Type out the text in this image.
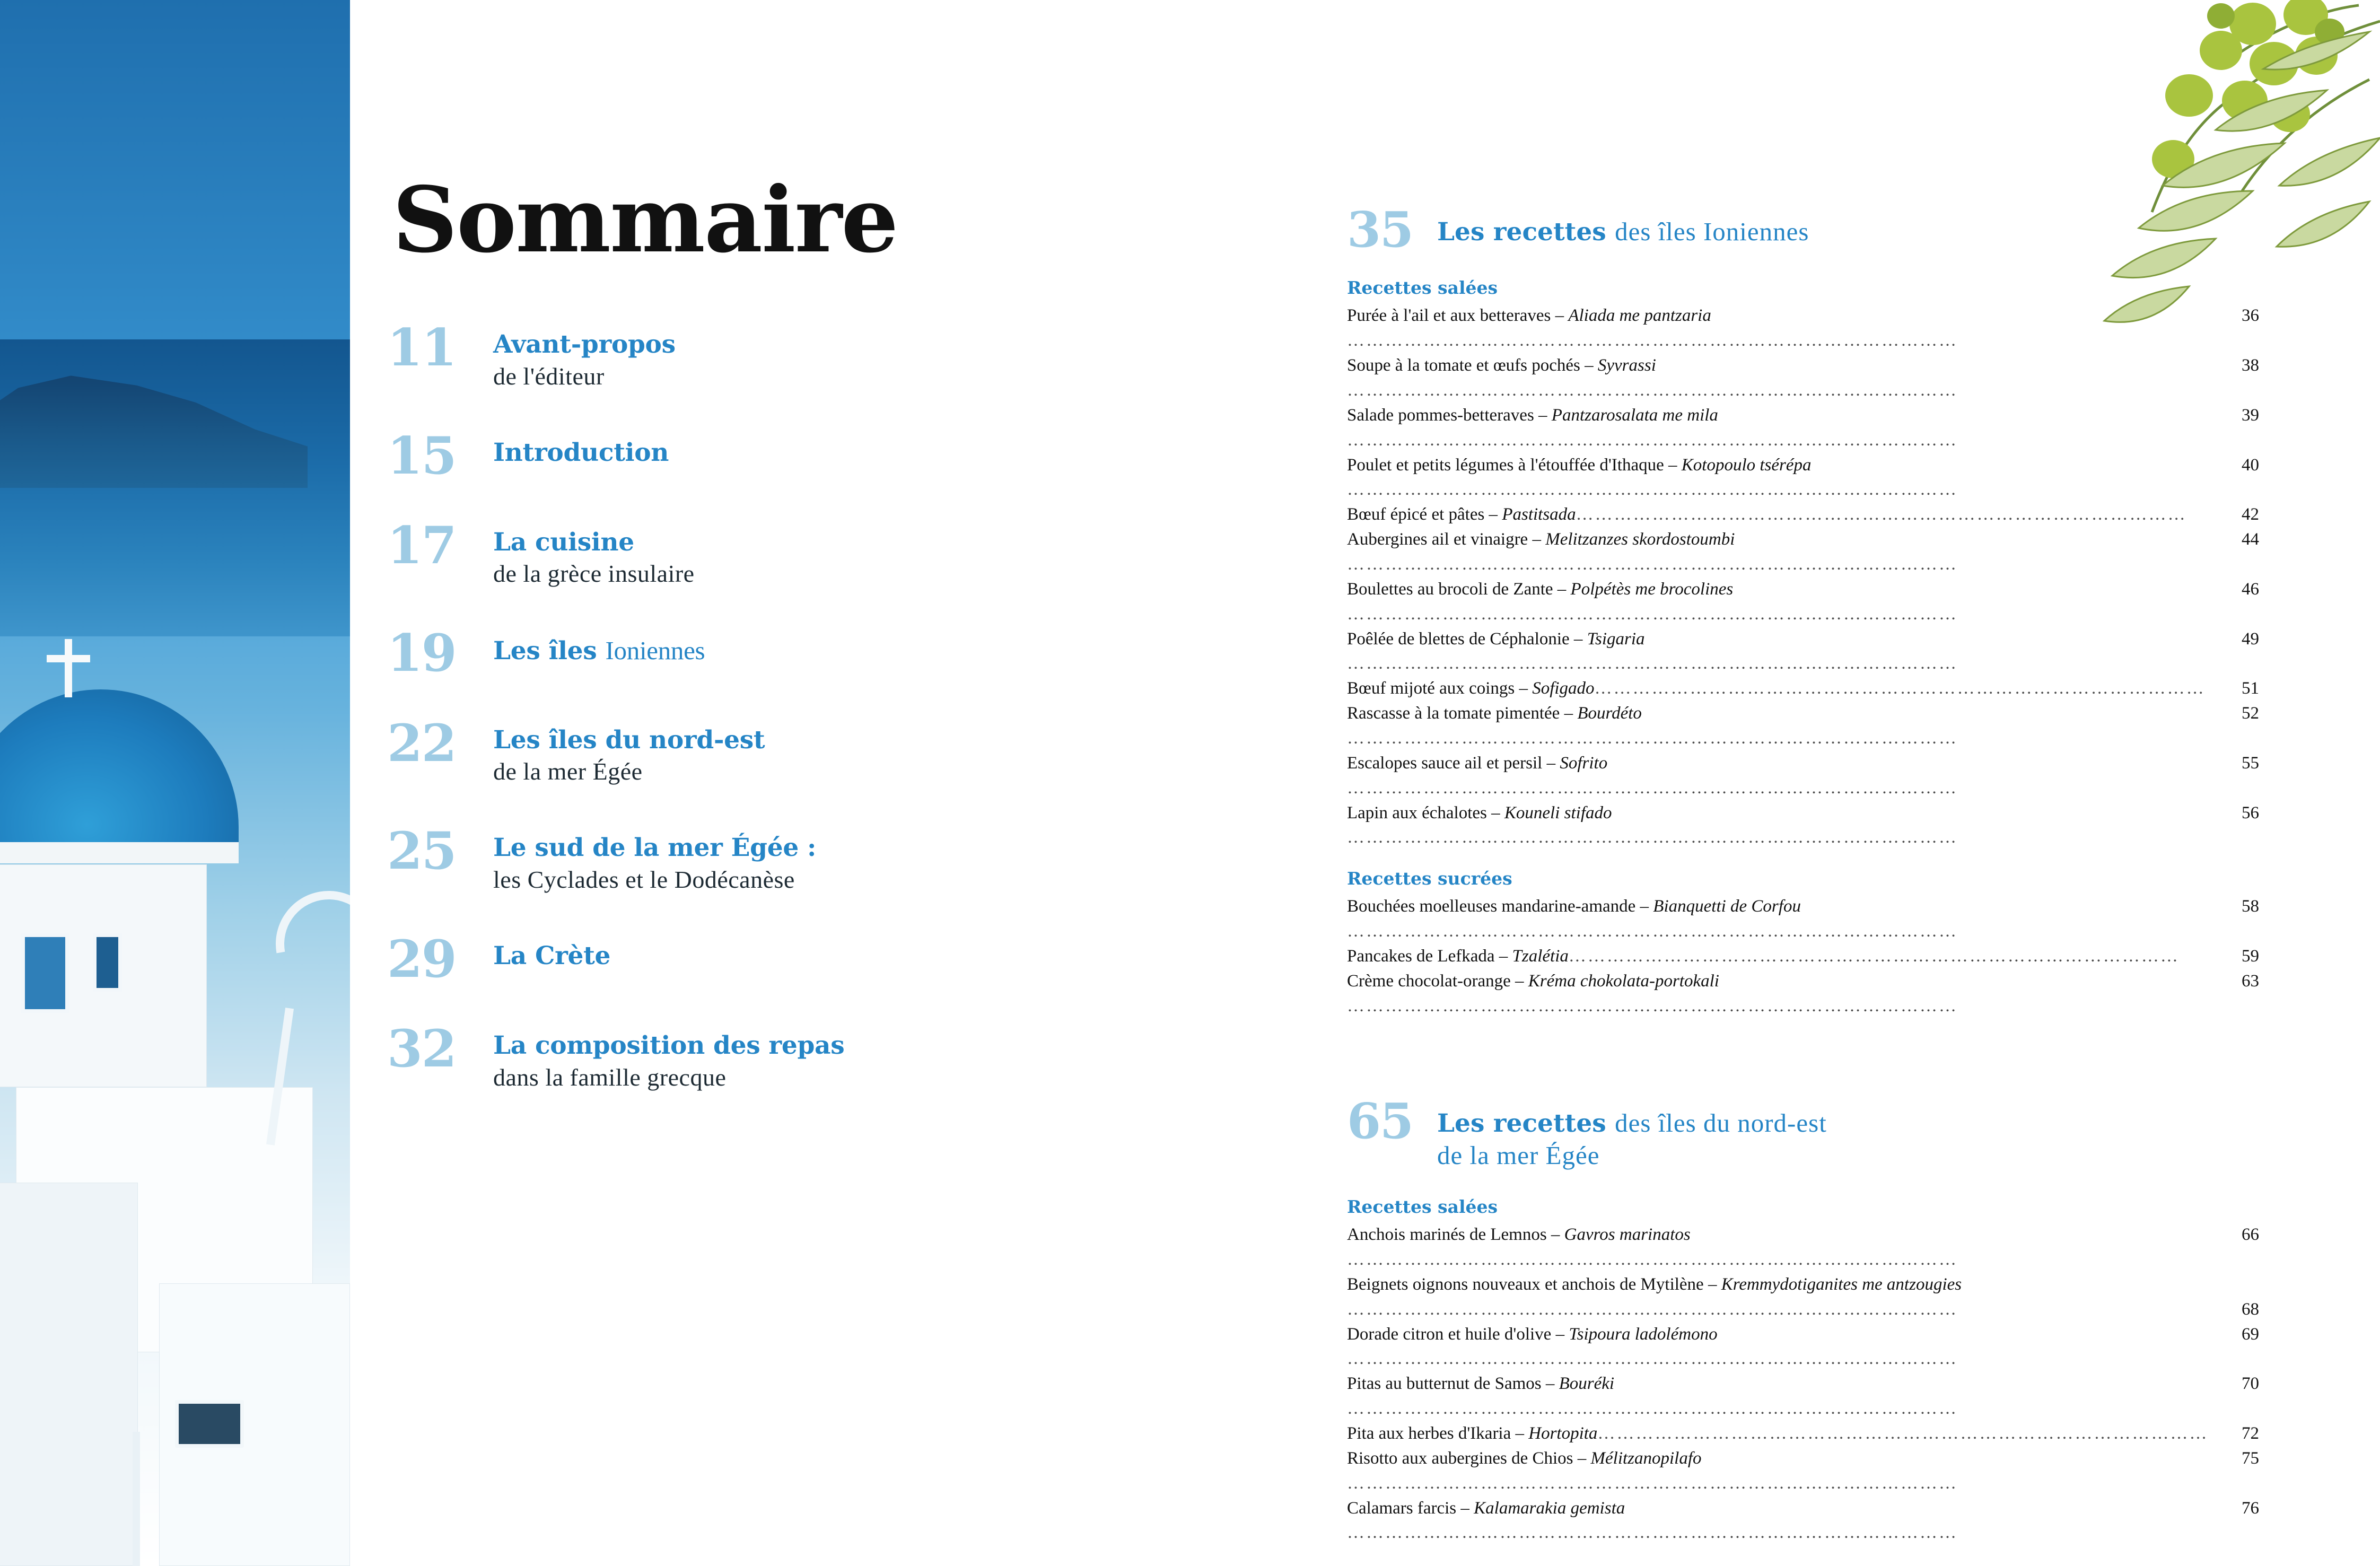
Sommaire
11	Avant-propos
de l'éditeur
15	Introduction
17	La cuisine
de la grèce insulaire
19	Les îles Ioniennes
22	Les îles du nord-est
de la mer Égée
25	Le sud de la mer Égée :
les Cyclades et le Dodécanèse
29	La Crète
32	La composition des repas
dans la famille grecque
35 Les recettes des îles Ioniennes
Recettes salées
Purée à l'ail et aux betteraves – Aliada me pantzaria……………………………………………………………………………………
36
Soupe à la tomate et œufs pochés – Syvrassi……………………………………………………………………………………
38
Salade pommes-betteraves – Pantzarosalata me mila……………………………………………………………………………………
39
Poulet et petits légumes à l'étouffée d'Ithaque – Kotopoulo tsérépa……………………………………………………………………………………
40
Bœuf épicé et pâtes – Pastitsada……………………………………………………………………………………	42
Aubergines ail et vinaigre – Melitzanzes skordostoumbi……………………………………………………………………………………
44
Boulettes au brocoli de Zante – Polpétès me brocolines……………………………………………………………………………………
46
Poêlée de blettes de Céphalonie – Tsigaria……………………………………………………………………………………
49
Bœuf mijoté aux coings – Sofigado…………………………………………………………………………………… 51
Rascasse à la tomate pimentée – Bourdéto……………………………………………………………………………………
52
Escalopes sauce ail et persil – Sofrito……………………………………………………………………………………
55
Lapin aux échalotes – Kouneli stifado……………………………………………………………………………………
56
Recettes sucrées
Bouchées moelleuses mandarine-amande – Bianquetti de Corfou……………………………………………………………………………………
58
Pancakes de Lefkada – Tzalétia……………………………………………………………………………………	59
Crème chocolat-orange – Kréma chokolata-portokali……………………………………………………………………………………
63
65 Les recettes des îles du nord-est
de la mer Égée
Recettes salées
Anchois marinés de Lemnos – Gavros marinatos……………………………………………………………………………………
66
Beignets oignons nouveaux et anchois de Mytilène – Kremmydotiganites me antzougies……………………………………………………………………………………	68
Dorade citron et huile d'olive – Tsipoura ladolémono……………………………………………………………………………………
69
Pitas au butternut de Samos – Bouréki……………………………………………………………………………………
70
Pita aux herbes d'Ikaria – Hortopita…………………………………………………………………………………… 72
Risotto aux aubergines de Chios – Mélitzanopilafo……………………………………………………………………………………
75
Calamars farcis – Kalamarakia gemista……………………………………………………………………………………
76
